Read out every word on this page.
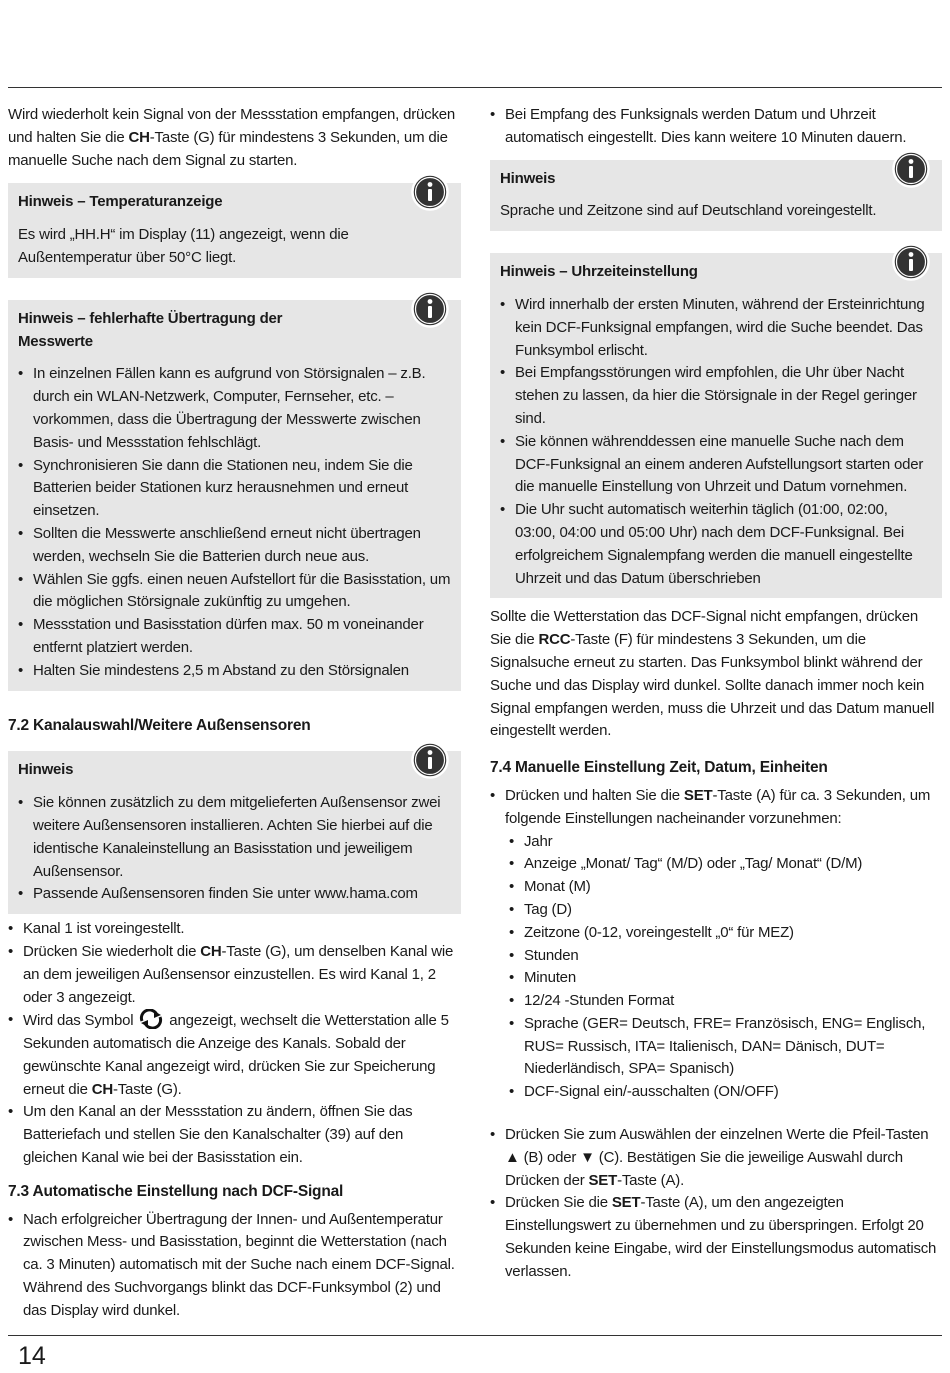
Wird wiederholt kein Signal von der Messstation empfangen, drücken und halten Sie die CH-Taste (G) für mindestens 3 Sekunden, um die manuelle Suche nach dem Signal zu starten.

Hinweis – Temperaturanzeige

Es wird „HH.H“ im Display (11) angezeigt, wenn die Außentemperatur über 50°C liegt.

Hinweis – fehlerhafte Übertragung der Messwerte
• In einzelnen Fällen kann es aufgrund von Störsignalen – z.B. durch ein WLAN-Netzwerk, Computer, Fernseher, etc. – vorkommen, dass die Übertragung der Messwerte zwischen Basis- und Messstation fehlschlägt.
• Synchronisieren Sie dann die Stationen neu, indem Sie die Batterien beider Stationen kurz herausnehmen und erneut einsetzen.
• Sollten die Messwerte anschließend erneut nicht übertragen werden, wechseln Sie die Batterien durch neue aus.
• Wählen Sie ggfs. einen neuen Aufstellort für die Basisstation, um die möglichen Störsignale zukünftig zu umgehen.
• Messstation und Basisstation dürfen max. 50 m voneinander entfernt platziert werden.
• Halten Sie mindestens 2,5 m Abstand zu den Störsignalen
7.2 Kanalauswahl/Weitere Außensensoren
Hinweis
• Sie können zusätzlich zu dem mitgelieferten Außensensor zwei weitere Außensensoren installieren. Achten Sie hierbei auf die identische Kanaleinstellung an Basisstation und jeweiligem Außensensor.
• Passende Außensensoren finden Sie unter www.hama.com
• Kanal 1 ist voreingestellt.
• Drücken Sie wiederholt die CH-Taste (G), um denselben Kanal wie an dem jeweiligen Außensensor einzustellen. Es wird Kanal 1, 2 oder 3 angezeigt.
• Wird das Symbol  angezeigt, wechselt die Wetterstation alle 5 Sekunden automatisch die Anzeige des Kanals. Sobald der gewünschte Kanal angezeigt wird, drücken Sie zur Speicherung erneut die CH-Taste (G).
• Um den Kanal an der Messstation zu ändern, öffnen Sie das Batteriefach und stellen Sie den Kanalschalter (39) auf den gleichen Kanal wie bei der Basisstation ein.
7.3 Automatische Einstellung nach DCF-Signal
• Nach erfolgreicher Übertragung der Innen- und Außentemperatur zwischen Mess- und Basisstation, beginnt die Wetterstation (nach ca. 3 Minuten) automatisch mit der Suche nach einem DCF-Signal. Während des Suchvorgangs blinkt das DCF-Funksymbol (2) und das Display wird dunkel.
• Bei Empfang des Funksignals werden Datum und Uhrzeit automatisch eingestellt. Dies kann weitere 10 Minuten dauern.
Hinweis

Sprache und Zeitzone sind auf Deutschland voreingestellt.

Hinweis – Uhrzeiteinstellung
• Wird innerhalb der ersten Minuten, während der Ersteinrichtung kein DCF-Funksignal empfangen, wird die Suche beendet. Das Funksymbol erlischt.
• Bei Empfangsstörungen wird empfohlen, die Uhr über Nacht stehen zu lassen, da hier die Störsignale in der Regel geringer sind.
• Sie können währenddessen eine manuelle Suche nach dem DCF-Funksignal an einem anderen Aufstellungsort starten oder die manuelle Einstellung von Uhrzeit und Datum vornehmen.
• Die Uhr sucht automatisch weiterhin täglich (01:00, 02:00, 03:00, 04:00 und 05:00 Uhr) nach dem DCF-Funksignal. Bei erfolgreichem Signalempfang werden die manuell eingestellte Uhrzeit und das Datum überschrieben

Sollte die Wetterstation das DCF-Signal nicht empfangen, drücken Sie die RCC-Taste (F) für mindestens 3 Sekunden, um die Signalsuche erneut zu starten. Das Funksymbol blinkt während der Suche und das Display wird dunkel. Sollte danach immer noch kein Signal empfangen werden, muss die Uhrzeit und das Datum manuell eingestellt werden.

7.4 Manuelle Einstellung Zeit, Datum, Einheiten
• Drücken und halten Sie die SET-Taste (A) für ca. 3 Sekunden, um folgende Einstellungen nacheinander vorzunehmen:
• Jahr
• Anzeige „Monat/ Tag“ (M/D) oder „Tag/ Monat“ (D/M)
• Monat (M)
• Tag (D)
• Zeitzone (0-12, voreingestellt „0“ für MEZ)
• Stunden
• Minuten
• 12/24 -Stunden Format
• Sprache (GER= Deutsch, FRE= Französisch, ENG= Englisch, RUS= Russisch, ITA= Italienisch, DAN= Dänisch, DUT= Niederländisch, SPA= Spanisch)
• DCF-Signal ein/-ausschalten (ON/OFF)
• Drücken Sie zum Auswählen der einzelnen Werte die Pfeil-Tasten ▲ (B) oder ▼ (C). Bestätigen Sie die jeweilige Auswahl durch Drücken der SET-Taste (A).
• Drücken Sie die SET-Taste (A), um den angezeigten Einstellungswert zu übernehmen und zu überspringen. Erfolgt 20 Sekunden keine Eingabe, wird der Einstellungsmodus automatisch verlassen.
14
